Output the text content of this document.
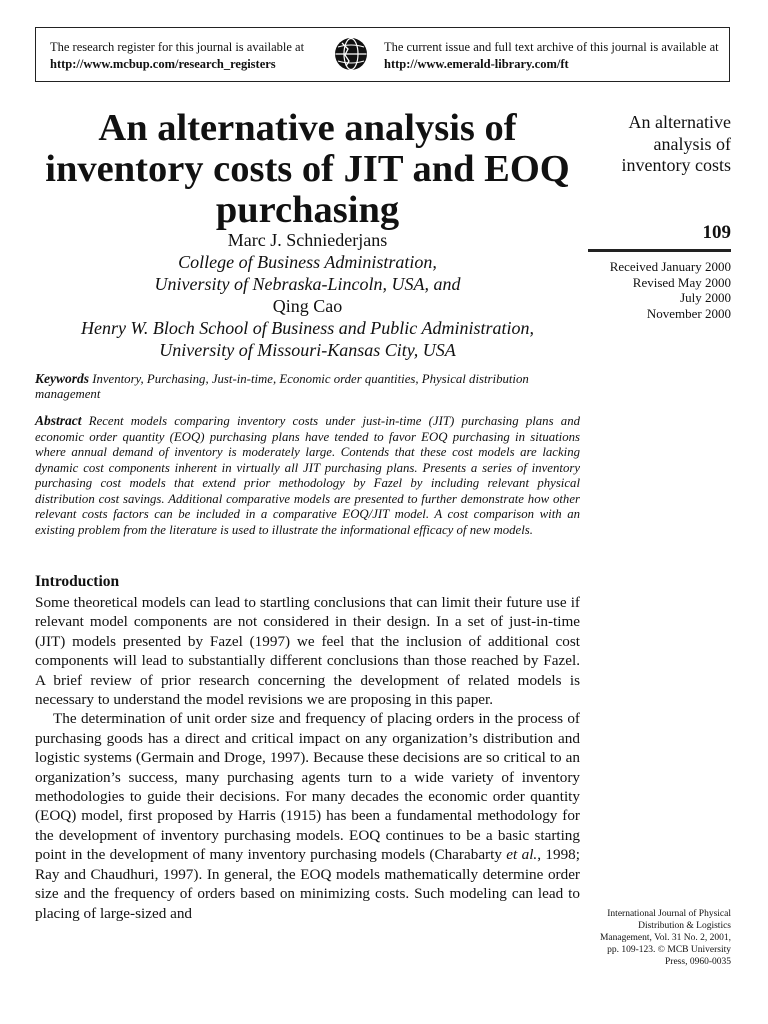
The research register for this journal is available at
http://www.mcbup.com/research_registers
The current issue and full text archive of this journal is available at
http://www.emerald-library.com/ft
An alternative analysis of inventory costs of JIT and EOQ purchasing
Marc J. Schniederjans
College of Business Administration,
University of Nebraska-Lincoln, USA, and
Qing Cao
Henry W. Bloch School of Business and Public Administration,
University of Missouri-Kansas City, USA
An alternative analysis of inventory costs
109
Received January 2000
Revised May 2000
July 2000
November 2000
Keywords Inventory, Purchasing, Just-in-time, Economic order quantities, Physical distribution management
Abstract Recent models comparing inventory costs under just-in-time (JIT) purchasing plans and economic order quantity (EOQ) purchasing plans have tended to favor EOQ purchasing in situations where annual demand of inventory is moderately large. Contends that these cost models are lacking dynamic cost components inherent in virtually all JIT purchasing plans. Presents a series of inventory purchasing cost models that extend prior methodology by Fazel by including relevant physical distribution cost savings. Additional comparative models are presented to further demonstrate how other relevant costs factors can be included in a comparative EOQ/JIT model. A cost comparison with an existing problem from the literature is used to illustrate the informational efficacy of new models.
Introduction

Some theoretical models can lead to startling conclusions that can limit their future use if relevant model components are not considered in their design. In a set of just-in-time (JIT) models presented by Fazel (1997) we feel that the inclusion of additional cost components will lead to substantially different conclusions than those reached by Fazel. A brief review of prior research concerning the development of related models is necessary to understand the model revisions we are proposing in this paper.

The determination of unit order size and frequency of placing orders in the process of purchasing goods has a direct and critical impact on any organization’s distribution and logistic systems (Germain and Droge, 1997). Because these decisions are so critical to an organization’s success, many purchasing agents turn to a wide variety of inventory methodologies to guide their decisions. For many decades the economic order quantity (EOQ) model, first proposed by Harris (1915) has been a fundamental methodology for the development of inventory purchasing models. EOQ continues to be a basic starting point in the development of many inventory purchasing models (Charabarty et al., 1998; Ray and Chaudhuri, 1997). In general, the EOQ models mathematically determine order size and the frequency of orders based on minimizing costs. Such modeling can lead to placing of large-sized and	International Journal of Physical Distribution & Logistics Management, Vol. 31 No. 2, 2001, pp. 109-123. © MCB University Press, 0960-0035
